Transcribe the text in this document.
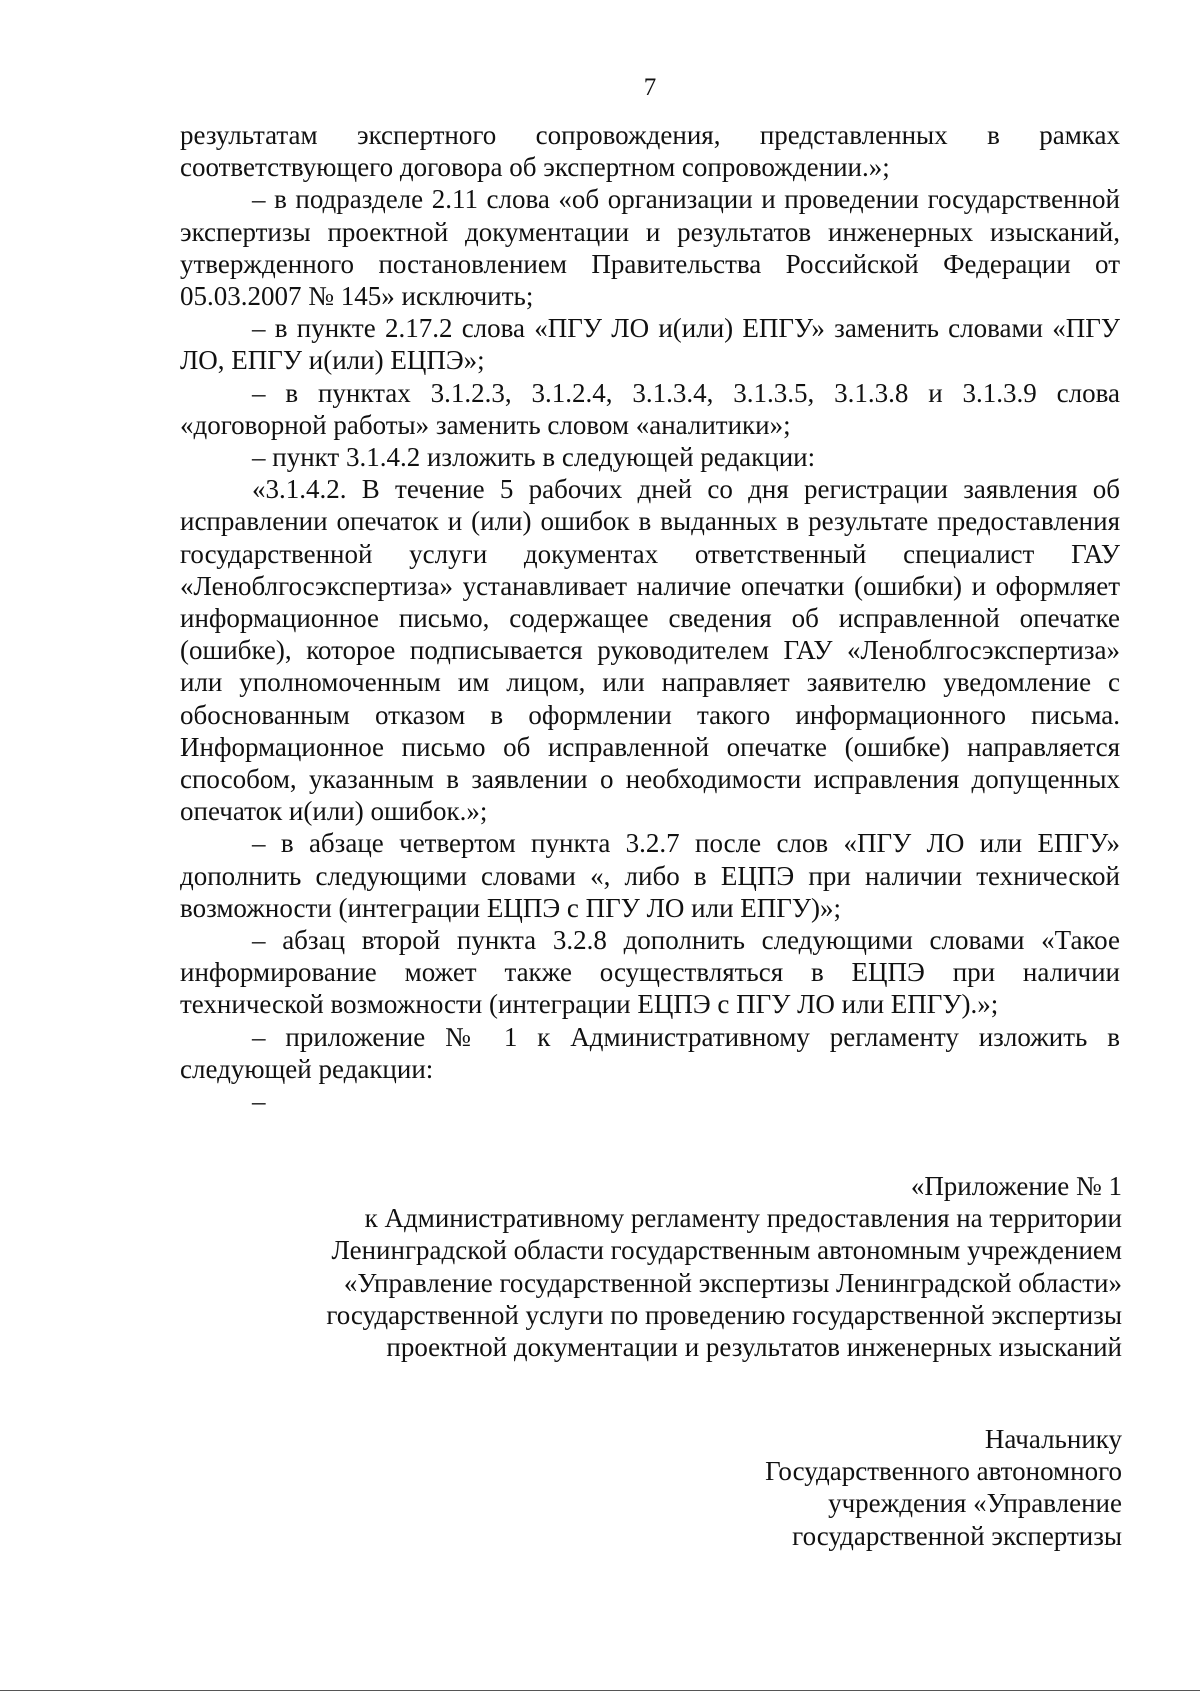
7

результатам экспертного сопровождения, представленных в рамках соответствующего договора об экспертном сопровождении.»;

– в подразделе 2.11 слова «об организации и проведении государственной экспертизы проектной документации и результатов инженерных изысканий, утвержденного постановлением Правительства Российской Федерации от 05.03.2007 № 145» исключить;

– в пункте 2.17.2 слова «ПГУ ЛО и(или) ЕПГУ» заменить словами «ПГУ ЛО, ЕПГУ и(или) ЕЦПЭ»;

– в пунктах 3.1.2.3, 3.1.2.4, 3.1.3.4, 3.1.3.5, 3.1.3.8 и 3.1.3.9 слова «договорной работы» заменить словом «аналитики»;

– пункт 3.1.4.2 изложить в следующей редакции:

«3.1.4.2. В течение 5 рабочих дней со дня регистрации заявления об исправлении опечаток и (или) ошибок в выданных в результате предоставления государственной услуги документах ответственный специалист ГАУ «Леноблгосэкспертиза» устанавливает наличие опечатки (ошибки) и оформляет информационное письмо, содержащее сведения об исправленной опечатке (ошибке), которое подписывается руководителем ГАУ «Леноблгосэкспертиза» или уполномоченным им лицом, или направляет заявителю уведомление с обоснованным отказом в оформлении такого информационного письма. Информационное письмо об исправленной опечатке (ошибке) направляется способом, указанным в заявлении о необходимости исправления допущенных опечаток и(или) ошибок.»;

– в абзаце четвертом пункта 3.2.7 после слов «ПГУ ЛО или ЕПГУ» дополнить следующими словами «, либо в ЕЦПЭ при наличии технической возможности (интеграции ЕЦПЭ с ПГУ ЛО или ЕПГУ)»;

– абзац второй пункта 3.2.8 дополнить следующими словами «Такое информирование может также осуществляться в ЕЦПЭ при наличии технической возможности (интеграции ЕЦПЭ с ПГУ ЛО или ЕПГУ).»;

– приложение № 1 к Административному регламенту изложить в следующей редакции:

–

«Приложение № 1
к Административному регламенту предоставления на территории
Ленинградской области государственным автономным учреждением
«Управление государственной экспертизы Ленинградской области»
государственной услуги по проведению государственной экспертизы
проектной документации и результатов инженерных изысканий
Начальнику
Государственного автономного
учреждения «Управление
государственной экспертизы
